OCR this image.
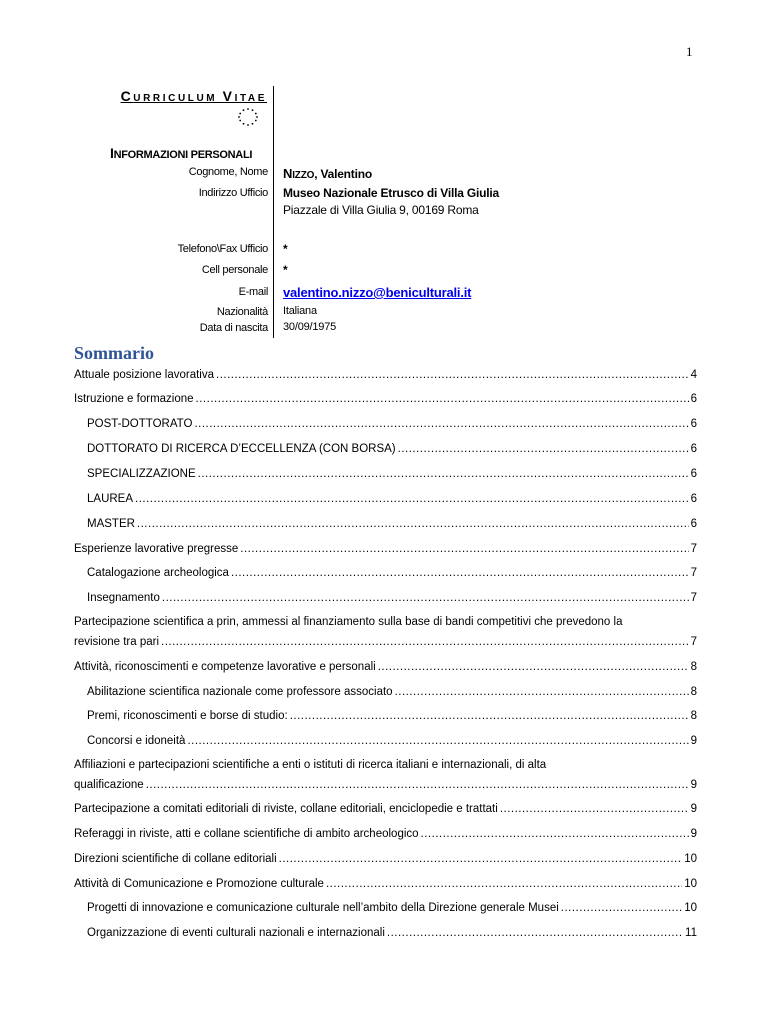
1
CURRICULUM VITAE
INFORMAZIONI PERSONALI
Cognome, Nome NIZZO, Valentino
Indirizzo Ufficio Museo Nazionale Etrusco di Villa Giulia
Piazzale di Villa Giulia 9, 00169 Roma
Telefono\Fax Ufficio *
Cell personale *
E-mail valentino.nizzo@beniculturali.it
Nazionalità Italiana
Data di nascita 30/09/1975
Sommario
Attuale posizione lavorativa .....	4
Istruzione e formazione .....	6
POST-DOTTORATO .....	6
DOTTORATO DI RICERCA D’ECCELLENZA (CON BORSA) .....	6
SPECIALIZZAZIONE .....	6
LAUREA .....	6
MASTER .....	6
Esperienze lavorative pregresse .....	7
Catalogazione archeologica .....	7
Insegnamento .....	7
Partecipazione scientifica a prin, ammessi al finanziamento sulla base di bandi competitivi che prevedono la
revisione tra pari .....	7
Attività, riconoscimenti e competenze lavorative e personali .....	8
Abilitazione scientifica nazionale come professore associato .....	8
Premi, riconoscimenti e borse di studio: .....	8
Concorsi e idoneità .....	9
Affiliazioni e partecipazioni scientifiche a enti o istituti di ricerca italiani e internazionali, di alta
qualificazione .....	9
Partecipazione a comitati editoriali di riviste, collane editoriali, enciclopedie e trattati .....	9
Referaggi in riviste, atti e collane scientifiche di ambito archeologico .....	9
Direzioni scientifiche di collane editoriali .....	10
Attività di Comunicazione e Promozione culturale .....	10
Progetti di innovazione e comunicazione culturale nell’ambito della Direzione generale Musei .....	10
Organizzazione di eventi culturali nazionali e internazionali .....	11
